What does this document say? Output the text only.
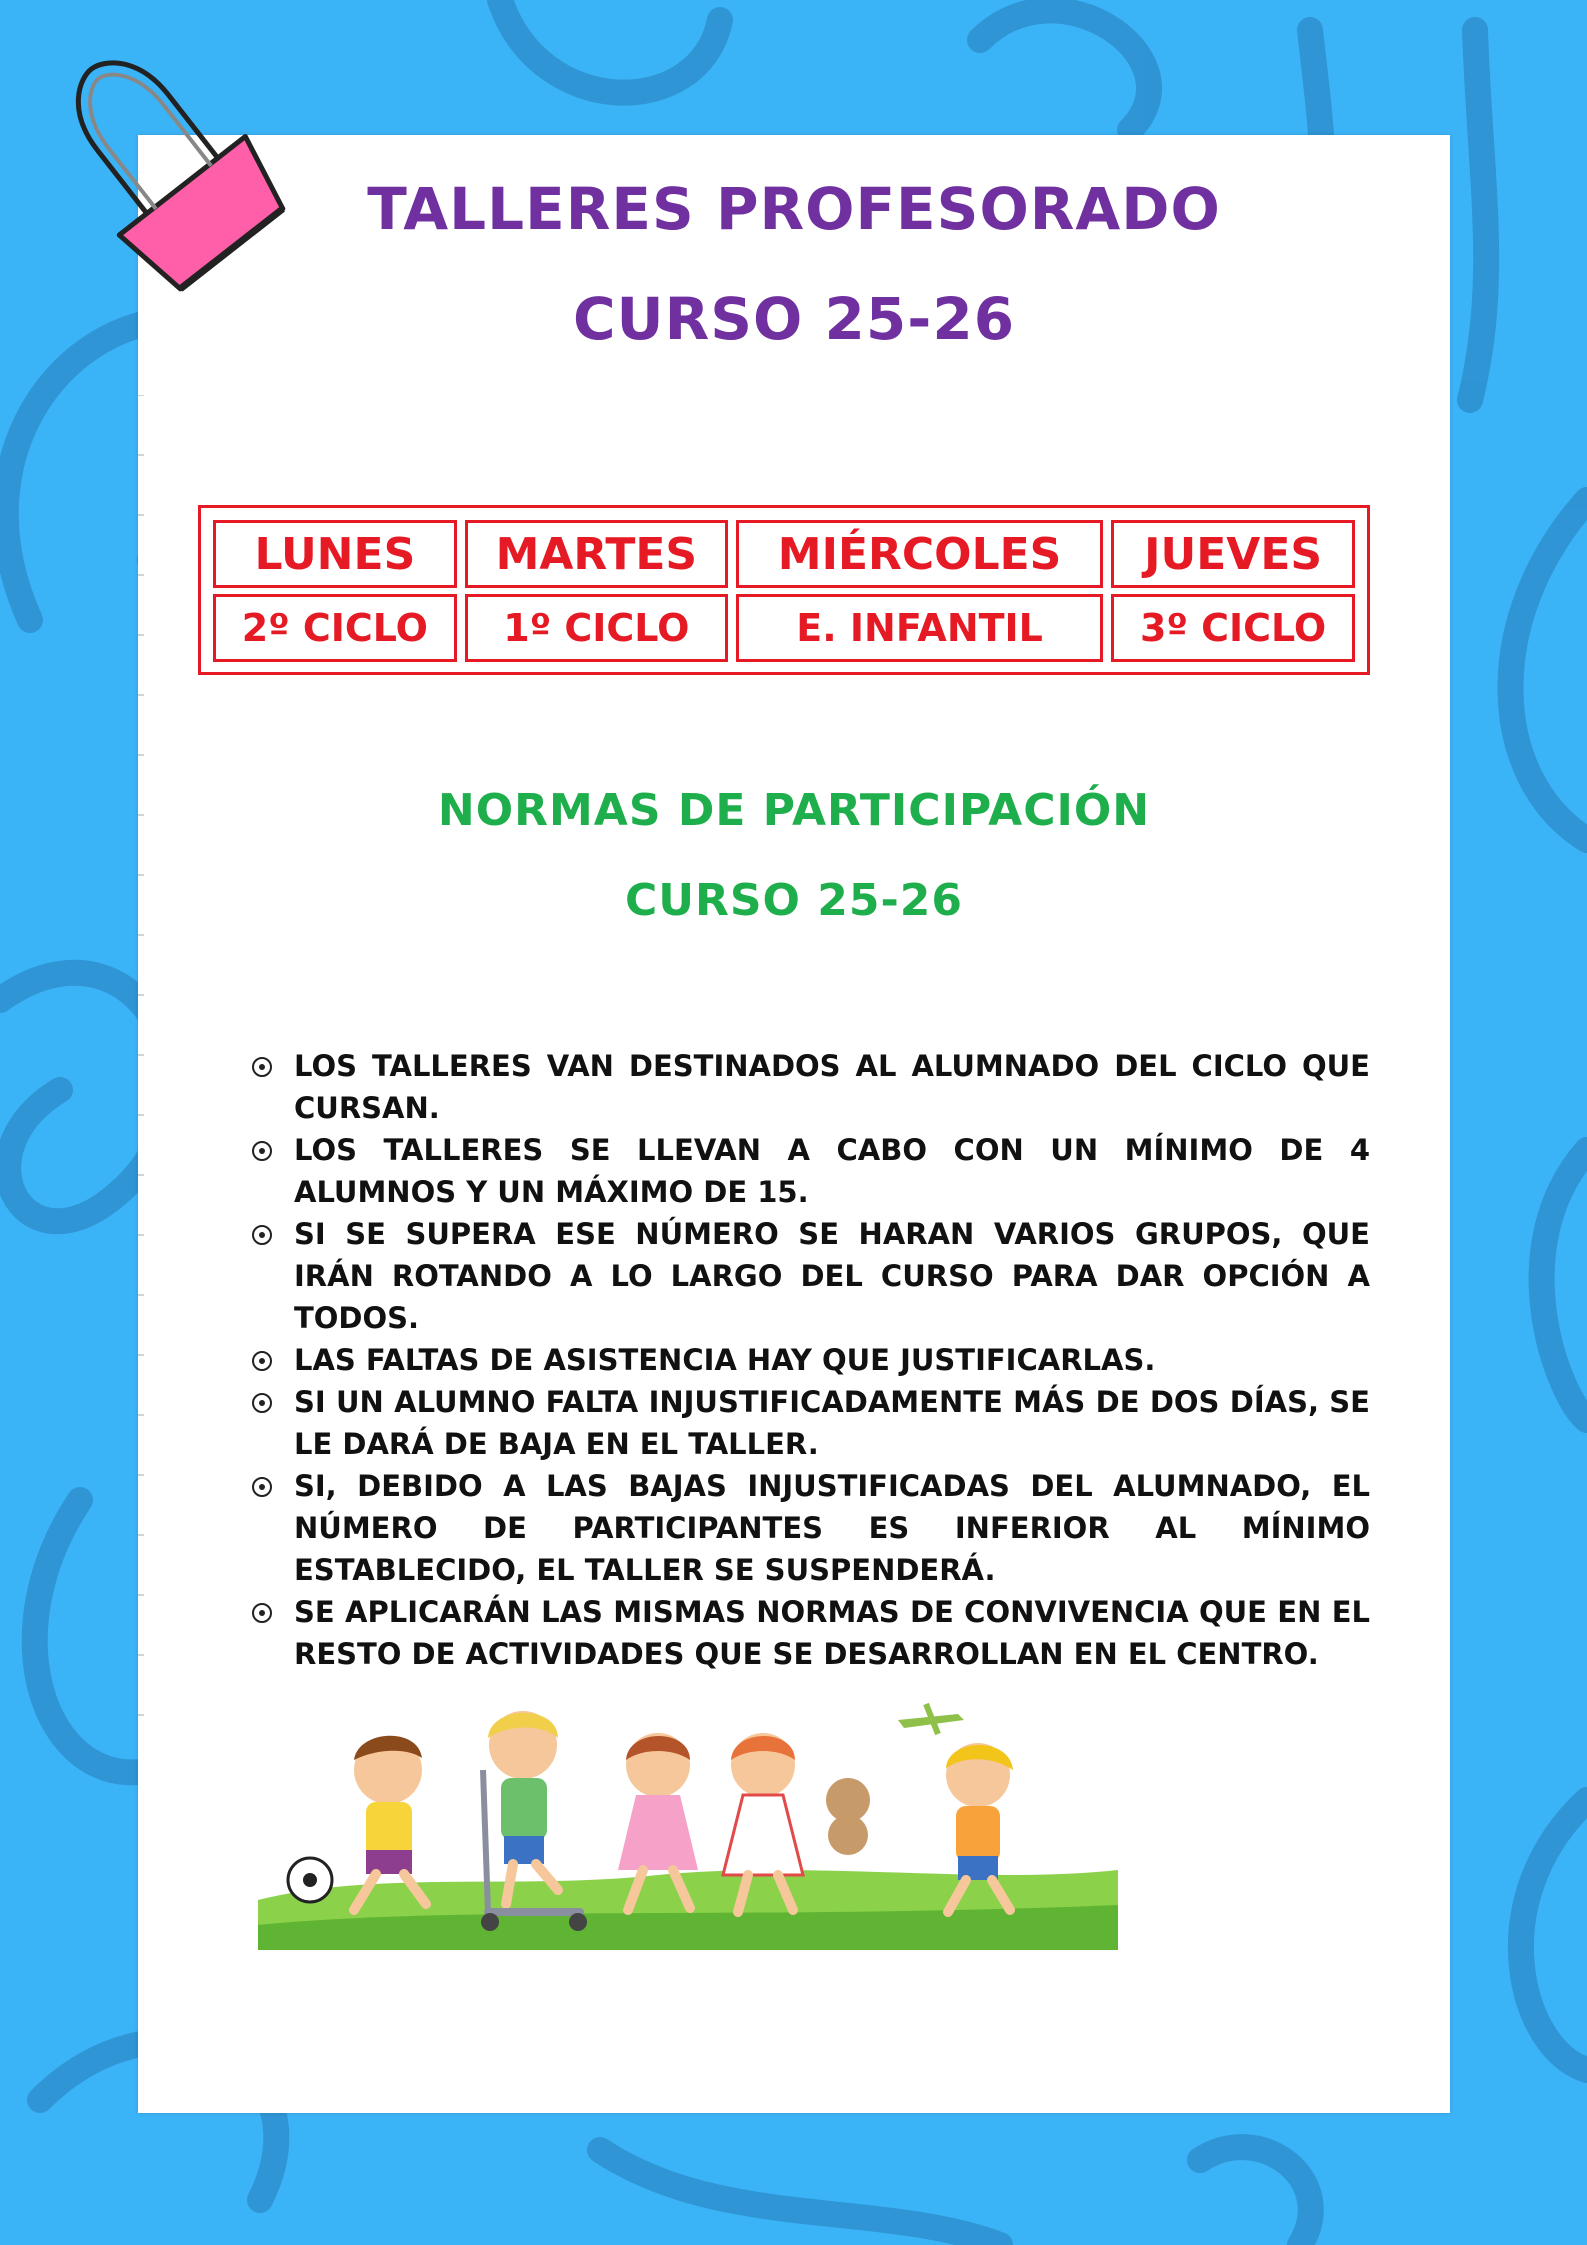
TALLERES PROFESORADO
CURSO 25-26
LUNES	MARTES	MIÉRCOLES	JUEVES
2º CICLO	1º CICLO	E. INFANTIL	3º CICLO
NORMAS DE PARTICIPACIÓN
CURSO 25-26
LOS TALLERES VAN DESTINADOS AL ALUMNADO DEL CICLO QUE CURSAN.
LOS TALLERES SE LLEVAN A CABO CON UN MÍNIMO DE 4 ALUMNOS Y UN MÁXIMO DE 15.
SI SE SUPERA ESE NÚMERO SE HARAN VARIOS GRUPOS, QUE IRÁN ROTANDO A LO LARGO DEL CURSO PARA DAR OPCIÓN A TODOS.
LAS FALTAS DE ASISTENCIA HAY QUE JUSTIFICARLAS.
SI UN ALUMNO FALTA INJUSTIFICADAMENTE MÁS DE DOS DÍAS, SE LE DARÁ DE BAJA EN EL TALLER.
SI, DEBIDO A LAS BAJAS INJUSTIFICADAS DEL ALUMNADO, EL NÚMERO DE PARTICIPANTES ES INFERIOR AL MÍNIMO ESTABLECIDO, EL TALLER SE SUSPENDERÁ.
SE APLICARÁN LAS MISMAS NORMAS DE CONVIVENCIA QUE EN EL RESTO DE ACTIVIDADES QUE SE DESARROLLAN EN EL CENTRO.
